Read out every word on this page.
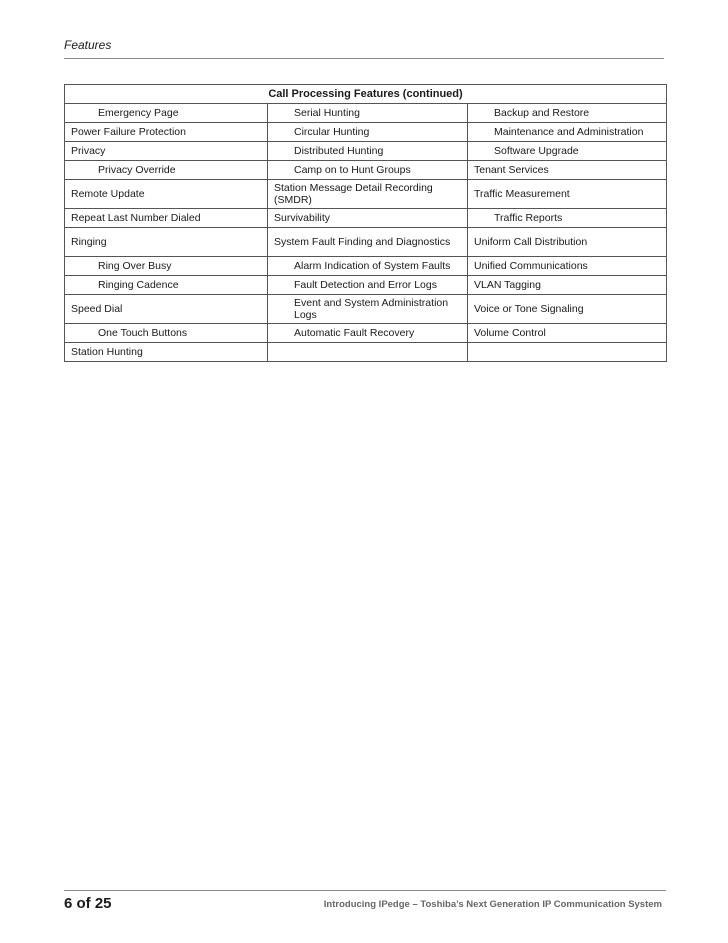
Features
Call Processing Features (continued)		
Emergency Page	Serial Hunting	Backup and Restore
Power Failure Protection	Circular Hunting	Maintenance and Administration
Privacy	Distributed Hunting	Software Upgrade
Privacy Override	Camp on to Hunt Groups	Tenant Services
Remote Update	Station Message Detail Recording (SMDR)	Traffic Measurement
Repeat Last Number Dialed	Survivability	Traffic Reports
Ringing	System Fault Finding and Diagnostics	Uniform Call Distribution
Ring Over Busy	Alarm Indication of System Faults	Unified Communications
Ringing Cadence	Fault Detection and Error Logs	VLAN Tagging
Speed Dial	Event and System Administration Logs	Voice or Tone Signaling
One Touch Buttons	Automatic Fault Recovery	Volume Control
Station Hunting		
6 of 25	Introducing IPedge – Toshiba’s Next Generation IP Communication System
